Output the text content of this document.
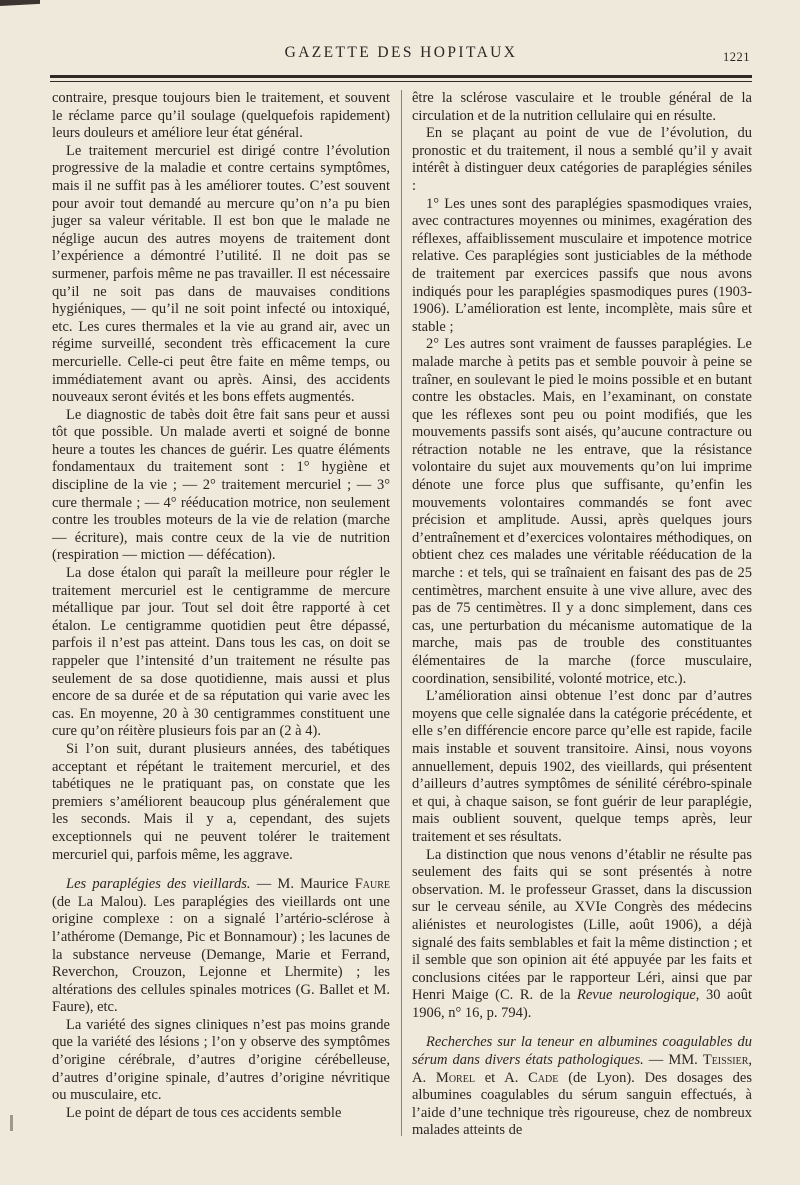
GAZETTE DES HOPITAUX	1221

contraire, presque toujours bien le traitement, et souvent le réclame parce qu’il soulage (quelquefois rapidement) leurs douleurs et améliore leur état général.

Le traitement mercuriel est dirigé contre l’évolution progressive de la maladie et contre certains symptômes, mais il ne suffit pas à les améliorer toutes. C’est souvent pour avoir tout demandé au mercure qu’on n’a pu bien juger sa valeur véritable. Il est bon que le malade ne néglige aucun des autres moyens de traitement dont l’expérience a démontré l’utilité. Il ne doit pas se surmener, parfois même ne pas travailler. Il est nécessaire qu’il ne soit pas dans de mauvaises conditions hygiéniques, — qu’il ne soit point infecté ou intoxiqué, etc. Les cures thermales et la vie au grand air, avec un régime surveillé, secondent très efficacement la cure mercurielle. Celle-ci peut être faite en même temps, ou immédiatement avant ou après. Ainsi, des accidents nouveaux seront évités et les bons effets augmentés.

Le diagnostic de tabès doit être fait sans peur et aussi tôt que possible. Un malade averti et soigné de bonne heure a toutes les chances de guérir. Les quatre éléments fondamentaux du traitement sont : 1° hygiène et discipline de la vie ; — 2° traitement mercuriel ; — 3° cure thermale ; — 4° rééducation motrice, non seulement contre les troubles moteurs de la vie de relation (marche — écriture), mais contre ceux de la vie de nutrition (respiration — miction — défécation).

La dose étalon qui paraît la meilleure pour régler le traitement mercuriel est le centigramme de mercure métallique par jour. Tout sel doit être rapporté à cet étalon. Le centigramme quotidien peut être dépassé, parfois il n’est pas atteint. Dans tous les cas, on doit se rappeler que l’intensité d’un traitement ne résulte pas seulement de sa dose quotidienne, mais aussi et plus encore de sa durée et de sa réputation qui varie avec les cas. En moyenne, 20 à 30 centigrammes constituent une cure qu’on réitère plusieurs fois par an (2 à 4).

Si l’on suit, durant plusieurs années, des tabétiques acceptant et répétant le traitement mercuriel, et des tabétiques ne le pratiquant pas, on constate que les premiers s’améliorent beaucoup plus généralement que les seconds. Mais il y a, cependant, des sujets exceptionnels qui ne peuvent tolérer le traitement mercuriel qui, parfois même, les aggrave.

Les paraplégies des vieillards. — M. Maurice Faure (de La Malou). Les paraplégies des vieillards ont une origine complexe : on a signalé l’artério-sclérose à l’athérome (Demange, Pic et Bonnamour) ; les lacunes de la substance nerveuse (Demange, Marie et Ferrand, Reverchon, Crouzon, Lejonne et Lhermite) ; les altérations des cellules spinales motrices (G. Ballet et M. Faure), etc.

La variété des signes cliniques n’est pas moins grande que la variété des lésions ; l’on y observe des symptômes d’origine cérébrale, d’autres d’origine cérébelleuse, d’autres d’origine spinale, d’autres d’origine névritique ou musculaire, etc.

Le point de départ de tous ces accidents semble

être la sclérose vasculaire et le trouble général de la circulation et de la nutrition cellulaire qui en résulte.

En se plaçant au point de vue de l’évolution, du pronostic et du traitement, il nous a semblé qu’il y avait intérêt à distinguer deux catégories de paraplégies séniles :

1° Les unes sont des paraplégies spasmodiques vraies, avec contractures moyennes ou minimes, exagération des réflexes, affaiblissement musculaire et impotence motrice relative. Ces paraplégies sont justiciables de la méthode de traitement par exercices passifs que nous avons indiqués pour les paraplégies spasmodiques pures (1903-1906). L’amélioration est lente, incomplète, mais sûre et stable ;

2° Les autres sont vraiment de fausses paraplégies. Le malade marche à petits pas et semble pouvoir à peine se traîner, en soulevant le pied le moins possible et en butant contre les obstacles. Mais, en l’examinant, on constate que les réflexes sont peu ou point modifiés, que les mouvements passifs sont aisés, qu’aucune contracture ou rétraction notable ne les entrave, que la résistance volontaire du sujet aux mouvements qu’on lui imprime dénote une force plus que suffisante, qu’enfin les mouvements volontaires commandés se font avec précision et amplitude. Aussi, après quelques jours d’entraînement et d’exercices volontaires méthodiques, on obtient chez ces malades une véritable rééducation de la marche : et tels, qui se traînaient en faisant des pas de 25 centimètres, marchent ensuite à une vive allure, avec des pas de 75 centimètres. Il y a donc simplement, dans ces cas, une perturbation du mécanisme automatique de la marche, mais pas de trouble des constituantes élémentaires de la marche (force musculaire, coordination, sensibilité, volonté motrice, etc.).

L’amélioration ainsi obtenue l’est donc par d’autres moyens que celle signalée dans la catégorie précédente, et elle s’en différencie encore parce qu’elle est rapide, facile mais instable et souvent transitoire. Ainsi, nous voyons annuellement, depuis 1902, des vieillards, qui présentent d’ailleurs d’autres symptômes de sénilité cérébro-spinale et qui, à chaque saison, se font guérir de leur paraplégie, mais oublient souvent, quelque temps après, leur traitement et ses résultats.

La distinction que nous venons d’établir ne résulte pas seulement des faits qui se sont présentés à notre observation. M. le professeur Grasset, dans la discussion sur le cerveau sénile, au XVIe Congrès des médecins aliénistes et neurologistes (Lille, août 1906), a déjà signalé des faits semblables et fait la même distinction ; et il semble que son opinion ait été appuyée par les faits et conclusions citées par le rapporteur Léri, ainsi que par Henri Maige (C. R. de la Revue neurologique, 30 août 1906, n° 16, p. 794).

Recherches sur la teneur en albumines coagulables du sérum dans divers états pathologiques. — MM. Teissier, A. Morel et A. Cade (de Lyon). Des dosages des albumines coagulables du sérum sanguin effectués, à l’aide d’une technique très rigoureuse, chez de nombreux malades atteints de
